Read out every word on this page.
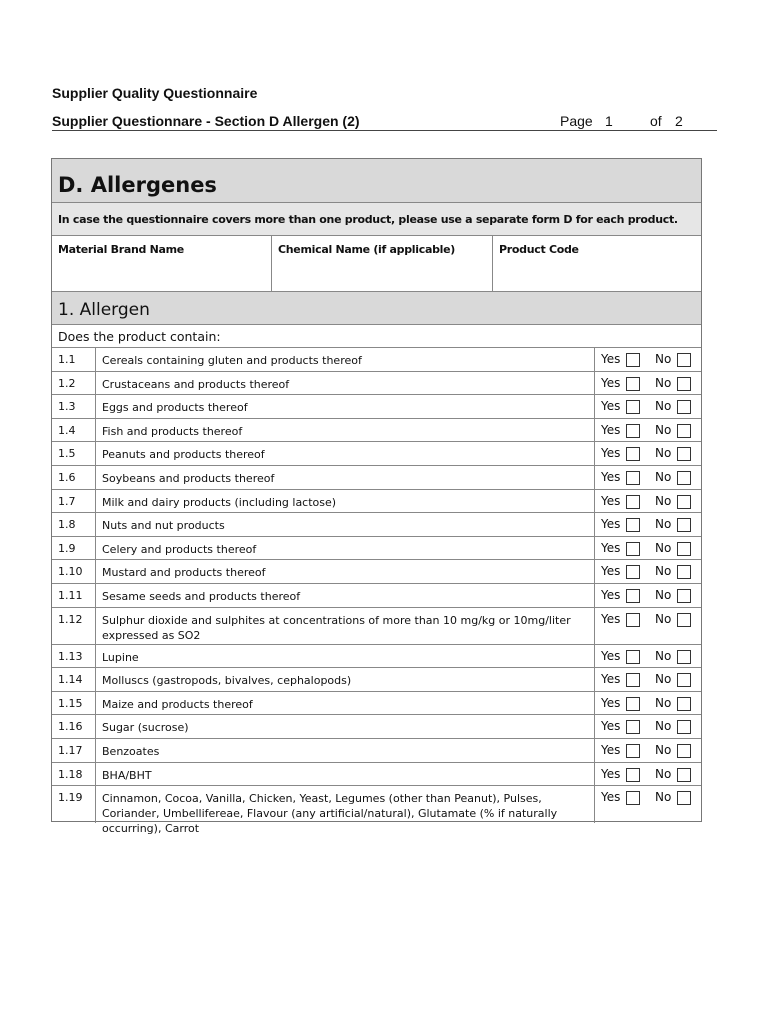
Supplier Quality Questionnaire
Supplier Questionnare - Section D Allergen (2)	Page 1	of 2
D. Allergenes
In case the questionnaire covers more than one product, please use a separate form D for each product.
Material Brand Name	Chemical Name (if applicable)	Product Code
1. Allergen
Does the product contain:
1.1 Cereals containing gluten and products thereof	Yes	No
1.2 Crustaceans and products thereof	Yes	No
1.3 Eggs and products thereof	Yes	No
1.4 Fish and products thereof	Yes	No
1.5 Peanuts and products thereof	Yes	No
1.6 Soybeans and products thereof	Yes	No
1.7 Milk and dairy products (including lactose)	Yes	No
1.8 Nuts and nut products	Yes	No
1.9 Celery and products thereof	Yes	No
1.10 Mustard and products thereof	Yes	No
1.11 Sesame seeds and products thereof	Yes	No
1.12 Sulphur dioxide and sulphites at concentrations of more than 10 mg/kg or 10mg/liter expressed as SO2
Yes	No
1.13 Lupine	Yes	No
1.14 Molluscs (gastropods, bivalves, cephalopods)	Yes	No
1.15 Maize and products thereof	Yes	No
1.16 Sugar (sucrose)	Yes	No
1.17 Benzoates	Yes	No
1.18 BHA/BHT	Yes	No
1.19 Cinnamon, Cocoa, Vanilla, Chicken, Yeast, Legumes (other than Peanut), Pulses, Coriander, Umbellifereae, Flavour (any artificial/natural), Glutamate (% if naturally occurring), Carrot
Yes	No
